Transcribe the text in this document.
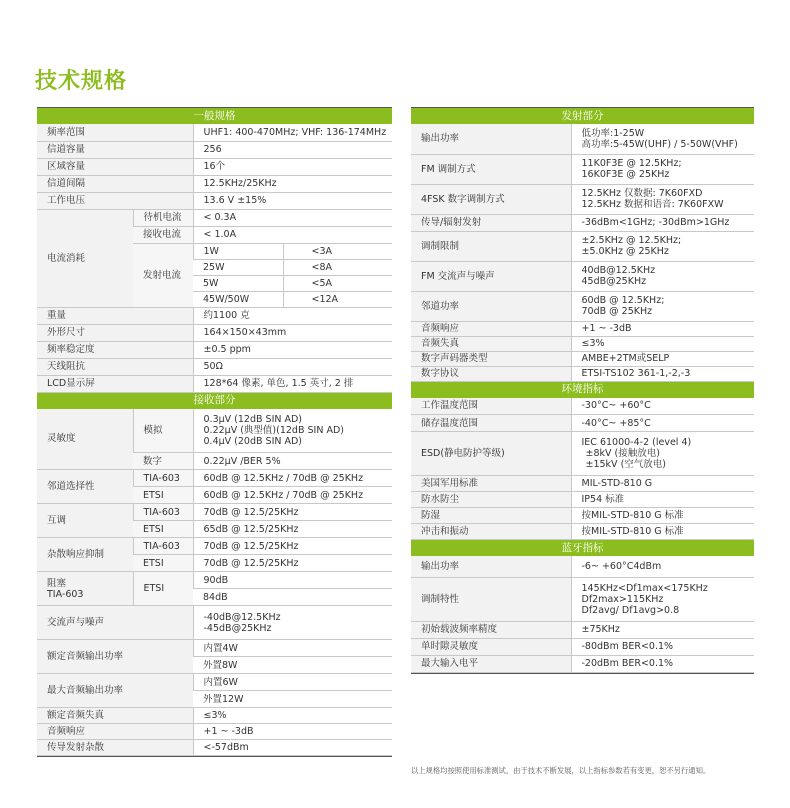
技术规格
一般规格			
频率范围		UHF1: 400-470MHz; VHF: 136-174MHz	
信道容量		256	
区域容量		16个	
信道间隔		12.5KHz/25KHz	
工作电压		13.6 V ±15%	
电流消耗	待机电流	< 0.3A	
	接收电流	< 1.0A	
	发射电流	1W	<3A
		25W	<8A
		5W	<5A
		45W/50W	<12A
重量		约1100 克	
外形尺寸		164×150×43mm	
频率稳定度		±0.5 ppm	
天线阻抗		50Ω	
LCD显示屏		128*64 像素, 单色, 1.5 英寸, 2 排	
接收部分			
灵敏度	模拟	0.3μV (12dB SIN AD)
0.22μV (典型值)(12dB SIN AD)
0.4μV (20dB SIN AD)	

	数字	0.22μV /BER 5%	
邻道选择性	TIA-603	60dB @ 12.5KHz / 70dB @ 25KHz	
	ETSI	60dB @ 12.5KHz / 70dB @ 25KHz	
互调	TIA-603	70dB @ 12.5/25KHz	
	ETSI	65dB @ 12.5/25KHz	
杂散响应抑制	TIA-603	70dB @ 12.5/25KHz	
	ETSI	70dB @ 12.5/25KHz	

阻塞
TIA-603	ETSI	90dB	
		84dB	
交流声与噪声		-40dB@12.5KHz
-45dB@25KHz	

额定音频输出功率		内置4W	
		外置8W	
最大音频输出功率		内置6W	
		外置12W	
额定音频失真		≤3%	
音频响应		+1 ~ -3dB	
传导发射杂散		<-57dBm	
发射部分	
输出功率	低功率:1-25W
高功率:5-45W(UHF) / 5-50W(VHF)

FM 调制方式	11K0F3E @ 12.5KHz;
16K0F3E @ 25KHz

4FSK 数字调制方式	12.5KHz 仅数据: 7K60FXD
12.5KHz 数据和语音: 7K60FXW

传导/辐射发射	-36dBm<1GHz; -30dBm>1GHz
调制限制	±2.5KHz @ 12.5KHz;
±5.0KHz @ 25KHz

FM 交流声与噪声	40dB@12.5KHz
45dB@25KHz

邻道功率	60dB @ 12.5KHz;
70dB @ 25KHz

音频响应	+1 ~ -3dB
音频失真	≤3%
数字声码器类型	AMBE+2TM或SELP
数字协议	ETSI-TS102 361-1,-2,-3
环境指标	
工作温度范围	-30°C~ +60°C
储存温度范围	-40°C~ +85°C
ESD(静电防护等级)	IEC 61000-4-2 (level 4)
±8kV (接触放电)
±15kV (空气放电)

美国军用标准	MIL-STD-810 G
防水防尘	IP54 标准
防湿	按MIL-STD-810 G 标准
冲击和振动	按MIL-STD-810 G 标准
蓝牙指标	
输出功率	-6~ +60°C4dBm
调制特性	145KHz<Df1max<175KHz
Df2max>115KHz
Df2avg/ Df1avg>0.8

初始载波频率精度	±75KHz
单时隙灵敏度	-80dBm BER<0.1%
最大输入电平	-20dBm BER<0.1%
以上规格均按照使用标准测试，由于技术不断发展，以上指标参数若有变更，恕不另行通知。
